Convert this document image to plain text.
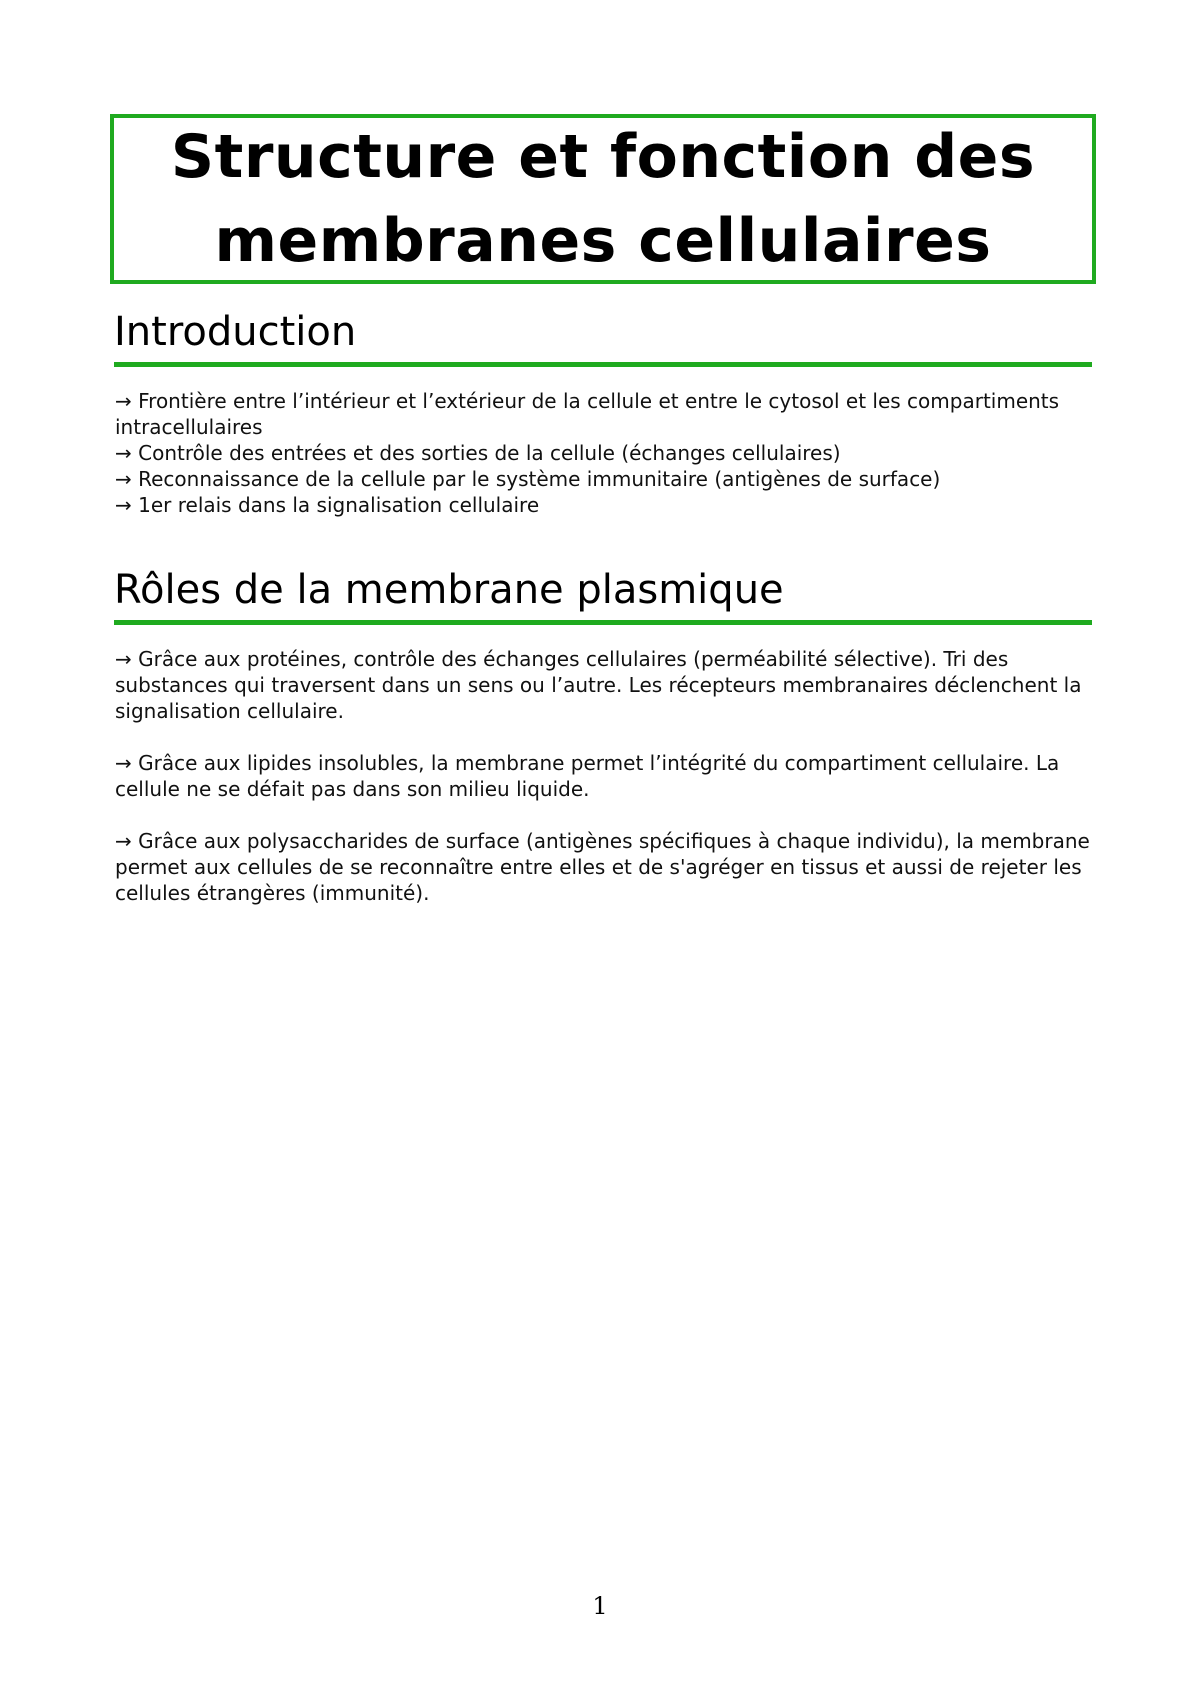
Structure et fonction des membranes cellulaires
Introduction

→ Frontière entre l’intérieur et l’extérieur de la cellule et entre le cytosol et les compartiments intracellulaires

→ Contrôle des entrées et des sorties de la cellule (échanges cellulaires)

→ Reconnaissance de la cellule par le système immunitaire (antigènes de surface)

→ 1er relais dans la signalisation cellulaire

Rôles de la membrane plasmique

→ Grâce aux protéines, contrôle des échanges cellulaires (perméabilité sélective). Tri des substances qui traversent dans un sens ou l’autre. Les récepteurs membranaires déclenchent la signalisation cellulaire.

→ Grâce aux lipides insolubles, la membrane permet l’intégrité du compartiment cellulaire. La cellule ne se défait pas dans son milieu liquide.

→ Grâce aux polysaccharides de surface (antigènes spécifiques à chaque individu), la membrane permet aux cellules de se reconnaître entre elles et de s'agréger en tissus et aussi de rejeter les cellules étrangères (immunité).

1
